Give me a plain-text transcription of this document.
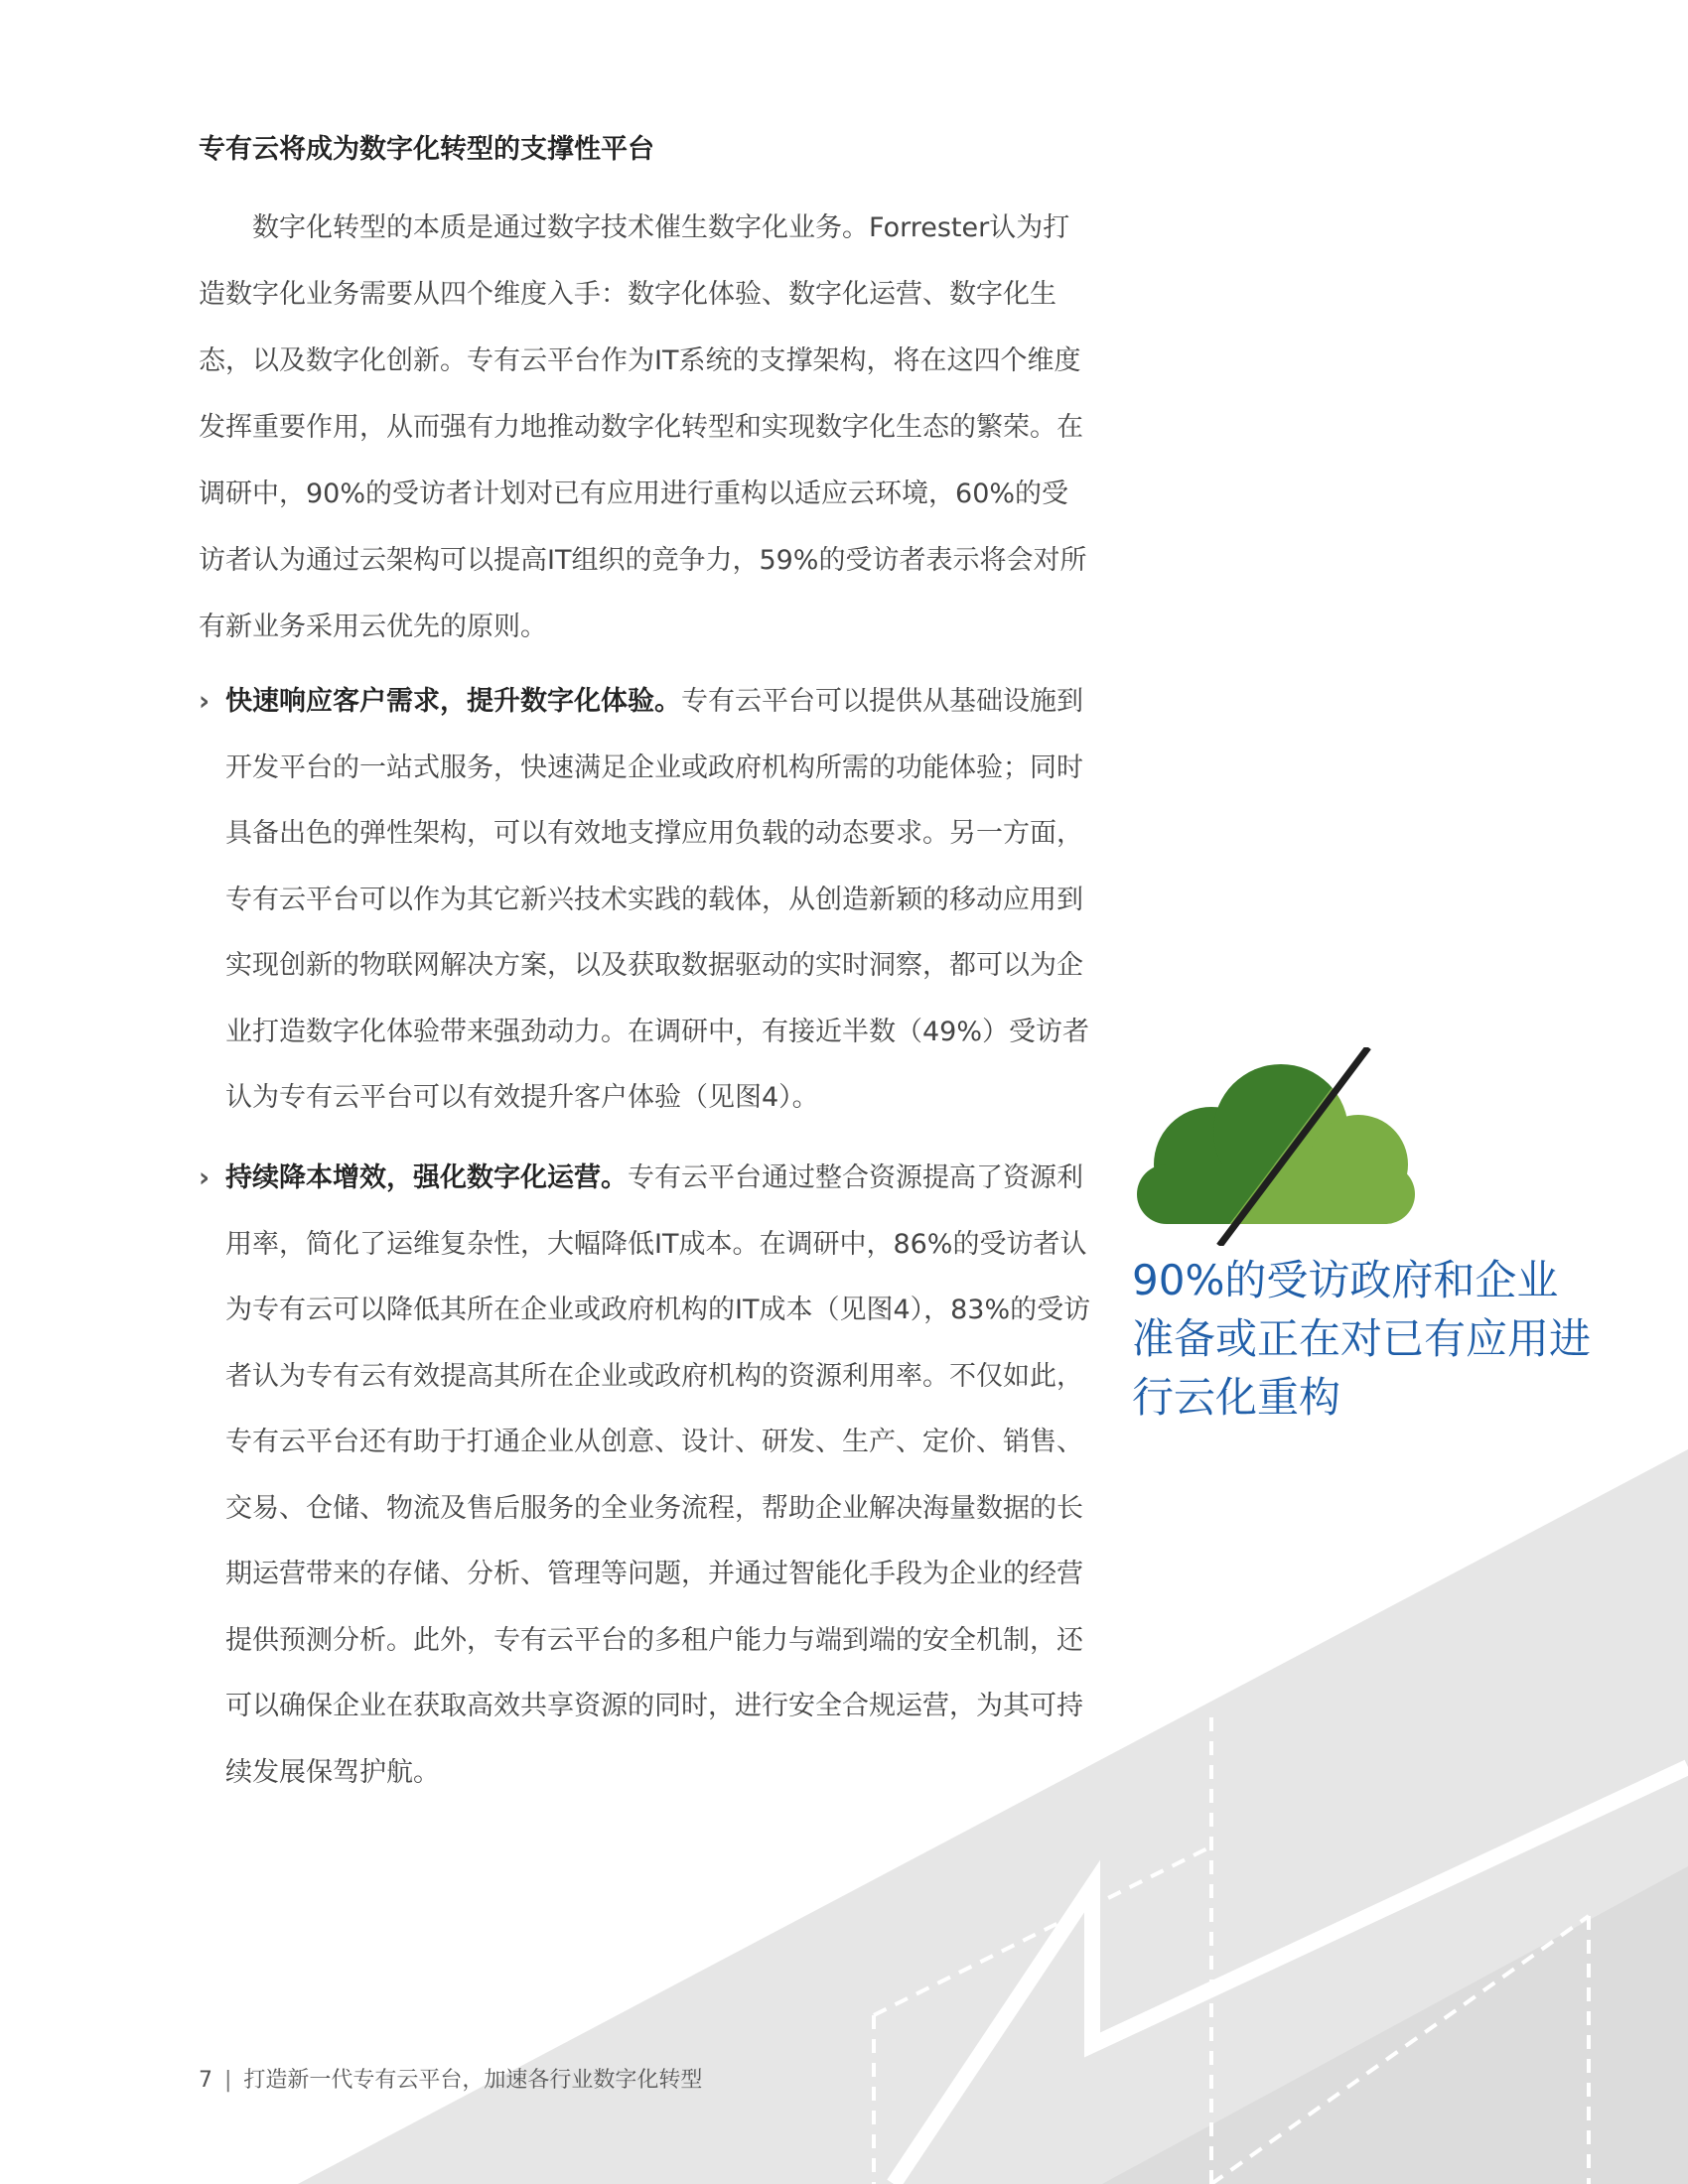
专有云将成为数字化转型的支撑性平台

数字化转型的本质是通过数字技术催生数字化业务。Forrester认为打造数字化业务需要从四个维度入手：数字化体验、数字化运营、数字化生态，以及数字化创新。专有云平台作为IT系统的支撑架构，将在这四个维度发挥重要作用，从而强有力地推动数字化转型和实现数字化生态的繁荣。在调研中，90%的受访者计划对已有应用进行重构以适应云环境，60%的受访者认为通过云架构可以提高IT组织的竞争力，59%的受访者表示将会对所有新业务采用云优先的原则。

› 快速响应客户需求，提升数字化体验。专有云平台可以提供从基础设施到开发平台的一站式服务，快速满足企业或政府机构所需的功能体验；同时具备出色的弹性架构，可以有效地支撑应用负载的动态要求。另一方面，专有云平台可以作为其它新兴技术实践的载体，从创造新颖的移动应用到实现创新的物联网解决方案，以及获取数据驱动的实时洞察，都可以为企业打造数字化体验带来强劲动力。在调研中，有接近半数（49%）受访者认为专有云平台可以有效提升客户体验（见图4）。
› 持续降本增效，强化数字化运营。专有云平台通过整合资源提高了资源利用率，简化了运维复杂性，大幅降低IT成本。在调研中，86%的受访者认为专有云可以降低其所在企业或政府机构的IT成本（见图4），83%的受访者认为专有云有效提高其所在企业或政府机构的资源利用率。不仅如此，专有云平台还有助于打通企业从创意、设计、研发、生产、定价、销售、交易、仓储、物流及售后服务的全业务流程，帮助企业解决海量数据的长期运营带来的存储、分析、管理等问题，并通过智能化手段为企业的经营提供预测分析。此外，专有云平台的多租户能力与端到端的安全机制，还可以确保企业在获取高效共享资源的同时，进行安全合规运营，为其可持续发展保驾护航。
90%的受访政府和企业准备或正在对已有应用进行云化重构
7 | 打造新一代专有云平台，加速各行业数字化转型
